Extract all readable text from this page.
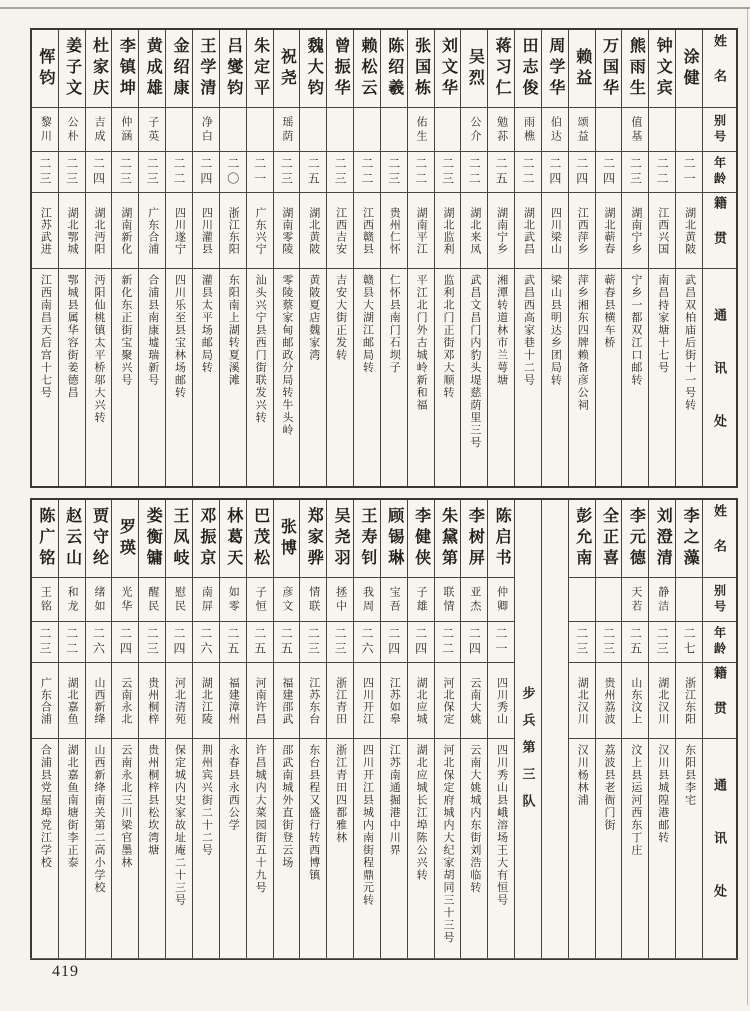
姓名
别号
年龄
籍贯
通讯处
涂健
二一
湖北黄陂
武昌双柏庙后街十一号转
钟文宾
二二
江西兴国
南昌持家塘十七号
熊雨生
值基
二三
湖南宁乡
宁乡一都双江口邮转
万国华
二四
湖北蕲春
蕲春县横车桥
赖益
颂益
二四
江西萍乡
萍乡湘东四牌赖备彦公祠
周学华
伯达
二四
四川梁山
梁山县明达乡团局转
田志俊
雨樵
二二
湖北武昌
武昌西高家巷十二号
蒋习仁
勉荪
二五
湖南宁乡
湘潭转道林市兰萼塘
吴烈
公介
二二
湖北来凤
武昌文昌门内豹头堤慈荫里三号
刘文华
二三
湖北监利
监利北门正街邓大顺转
张国栋
佑生
二二
湖南平江
平江北门外古城岭新和福
陈绍羲
二三
贵州仁怀
仁怀县南门石坝子
赖松云
二二
江西赣县
赣县大湖江邮局转
曾振华
二三
江西吉安
吉安大街正发转
魏大钧
二五
湖北黄陂
黄陂夏店魏家湾
祝尧
瑶荫
二三
湖南零陵
零陵蔡家甸邮政分局转牛头岭
朱定平
二一
广东兴宁
汕头兴宁县西门街联发兴转
吕燮钧
二〇
浙江东阳
东阳南上湖转夏溪滩
王学清
净白
二四
四川灌县
灌县太平场邮局转
金绍康
二二
四川遂宁
四川乐至县宝林场邮转
黄成雄
子英
二三
广东合浦
合浦县南康墟瑞新号
李镇坤
仲涵
二三
湖南新化
新化东正街宝聚兴号
杜家庆
吉成
二四
湖北沔阳
沔阳仙桃镇太平桥邬大兴转
姜子文
公朴
二三
湖北鄂城
鄂城县属华容街姜德昌
恽钧
黎川
二三
江苏武进
江西南昌天后宫十七号
姓名
别号
年龄
籍贯
通讯处
李之藻
二七
浙江东阳
东阳县李宅
刘澄清
静洁
二三
湖北汉川
汉川县城隍港邮转
李元德
天若
二五
山东汶上
汶上县运河西东丁庄
全正喜
二三
贵州荔波
荔波县老衙门街
彭允南
二三
湖北汉川
汉川杨林浦
步兵第三队
陈启书
仲卿
二一
四川秀山
四川秀山县峨溶场王大有恒号
李树屏
亚杰
二四
云南大姚
云南大姚城内东街刘浩临转
朱黛第
联情
二二
河北保定
河北保定府城内大纪家胡同三十三号
李健侠
子雄
二四
湖北应城
湖北应城长江埠陈公兴转
顾锡琳
宝吾
二四
江苏如皋
江苏南通掘港中川界
王寿钊
我周
二六
四川开江
四川开江县城内南街程鼎元转
吴尧羽
拯中
二三
浙江青田
浙江青田四都雅林
郑家骅
情联
二三
江苏东台
东台县程又盛行转西博镇
张博
彦文
二五
福建邵武
邵武南城外直街登云场
巴茂松
子恒
二五
河南许昌
许昌城内大菜园街五十九号
林葛天
如零
二五
福建漳州
永春县永西公学
邓振京
南屏
二六
湖北江陵
荆州宾兴街二十二号
王凤岐
慰民
二四
河北清苑
保定城内史家故址庵二十三号
娄衡镛
醒民
二三
贵州桐梓
贵州桐梓县松坎湾塘
罗瑛
光华
二四
云南永北
云南永北三川梁官墨林
贾守纶
绪如
二六
山西新绛
山西新绛南关第二高小学校
赵云山
和龙
二二
湖北嘉鱼
湖北嘉鱼南塘街李正泰
陈广铭
王铭
二三
广东合浦
合浦县党屋埠党江学校
419
